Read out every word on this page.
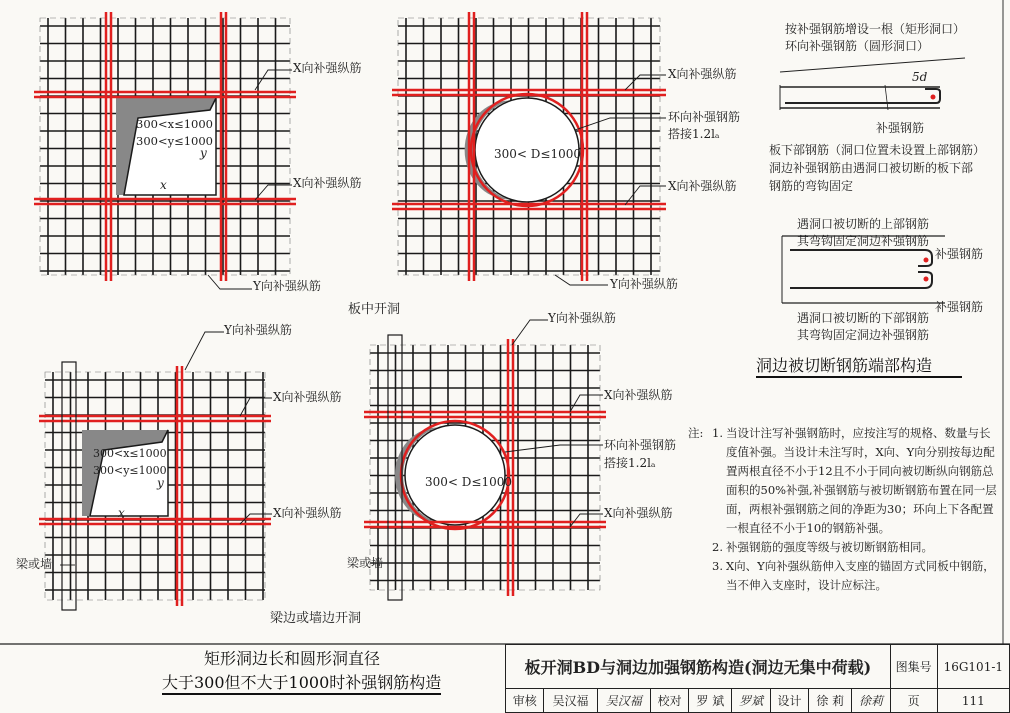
X向补强纵筋
X向补强纵筋
Y向补强纵筋
300<x≤1000
300<y≤1000
x
y
X向补强纵筋
环向补强钢筋
搭接1.2lₐ
X向补强纵筋
Y向补强纵筋
300< D≤1000
板中开洞
Y向补强纵筋
X向补强纵筋
X向补强纵筋
梁或墙
300<x≤1000
300<y≤1000
x
y
Y向补强纵筋
X向补强纵筋
环向补强钢筋
搭接1.2lₐ
X向补强纵筋
梁或墙
300< D≤1000
梁边或墙边开洞
按补强钢筋增设一根（矩形洞口）
环向补强钢筋（圆形洞口）
5d
补强钢筋
板下部钢筋（洞口位置未设置上部钢筋）
洞边补强钢筋由遇洞口被切断的板下部
钢筋的弯钩固定
遇洞口被切断的上部钢筋
其弯钩固定洞边补强钢筋
补强钢筋
补强钢筋
遇洞口被切断的下部钢筋
其弯钩固定洞边补强钢筋
洞边被切断钢筋端部构造
注: 1. 当设计注写补强钢筋时，应按注写的规格、数量与长度值补强。当设计未注写时，X向、Y向分别按每边配置两根直径不小于12且不小于同向被切断纵向钢筋总面积的50%补强,补强钢筋与被切断钢筋布置在同一层面，两根补强钢筋之间的净距为30；环向上下各配置一根直径不小于10的钢筋补强。
2. 补强钢筋的强度等级与被切断钢筋相同。
3. X向、Y向补强纵筋伸入支座的锚固方式同板中钢筋，当不伸入支座时，设计应标注。
矩形洞边长和圆形洞直径
大于300但不大于1000时补强钢筋构造
板开洞BD与洞边加强钢筋构造(洞边无集中荷载)									图集号	16G101-1
审核	吴汉福	吴汉福	校对	罗 斌	罗斌	设计	徐 莉	徐莉	页	111
